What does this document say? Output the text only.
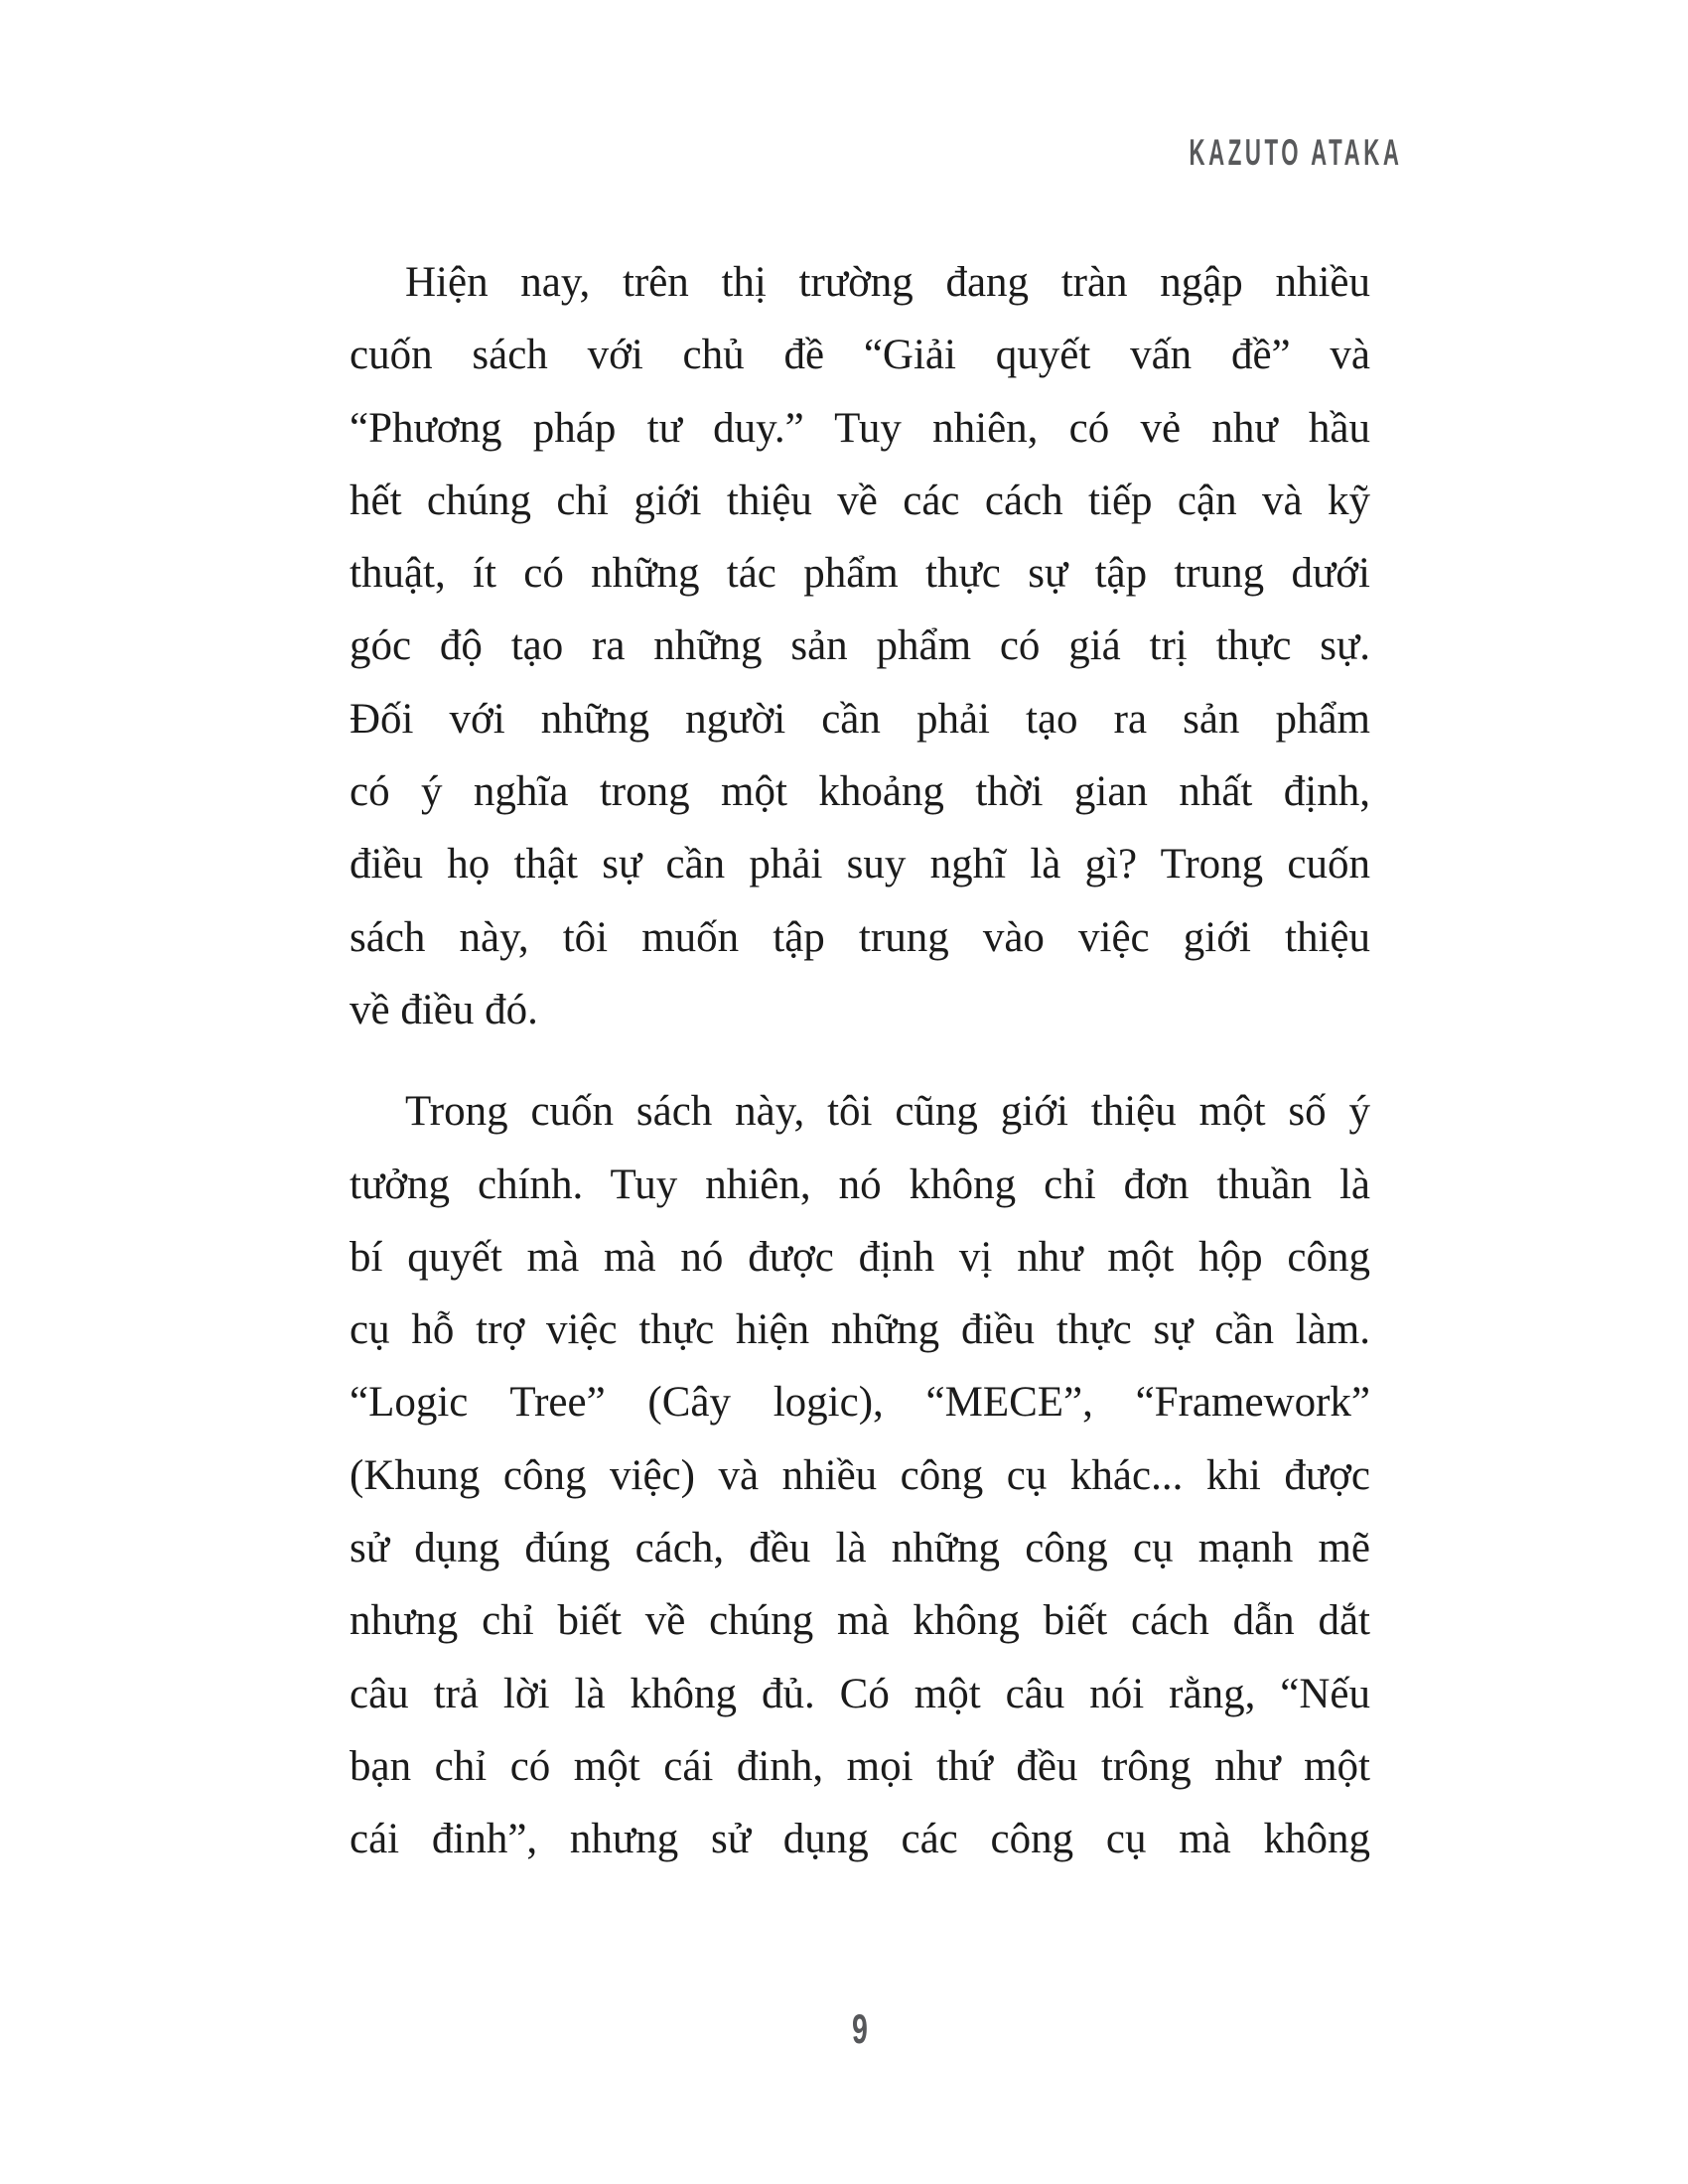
KAZUTO ATAKA
Hiện nay, trên thị trường đang tràn ngập nhiều
cuốn sách với chủ đề “Giải quyết vấn đề” và
“Phương pháp tư duy.” Tuy nhiên, có vẻ như hầu
hết chúng chỉ giới thiệu về các cách tiếp cận và kỹ
thuật, ít có những tác phẩm thực sự tập trung dưới
góc độ tạo ra những sản phẩm có giá trị thực sự.
Đối với những người cần phải tạo ra sản phẩm
có ý nghĩa trong một khoảng thời gian nhất định,
điều họ thật sự cần phải suy nghĩ là gì? Trong cuốn
sách này, tôi muốn tập trung vào việc giới thiệu
về điều đó.
Trong cuốn sách này, tôi cũng giới thiệu một số ý
tưởng chính. Tuy nhiên, nó không chỉ đơn thuần là
bí quyết mà mà nó được định vị như một hộp công
cụ hỗ trợ việc thực hiện những điều thực sự cần làm.
“Logic Tree” (Cây logic), “MECE”, “Framework”
(Khung công việc) và nhiều công cụ khác... khi được
sử dụng đúng cách, đều là những công cụ mạnh mẽ
nhưng chỉ biết về chúng mà không biết cách dẫn dắt
câu trả lời là không đủ. Có một câu nói rằng, “Nếu
bạn chỉ có một cái đinh, mọi thứ đều trông như một
cái đinh”, nhưng sử dụng các công cụ mà không
9
